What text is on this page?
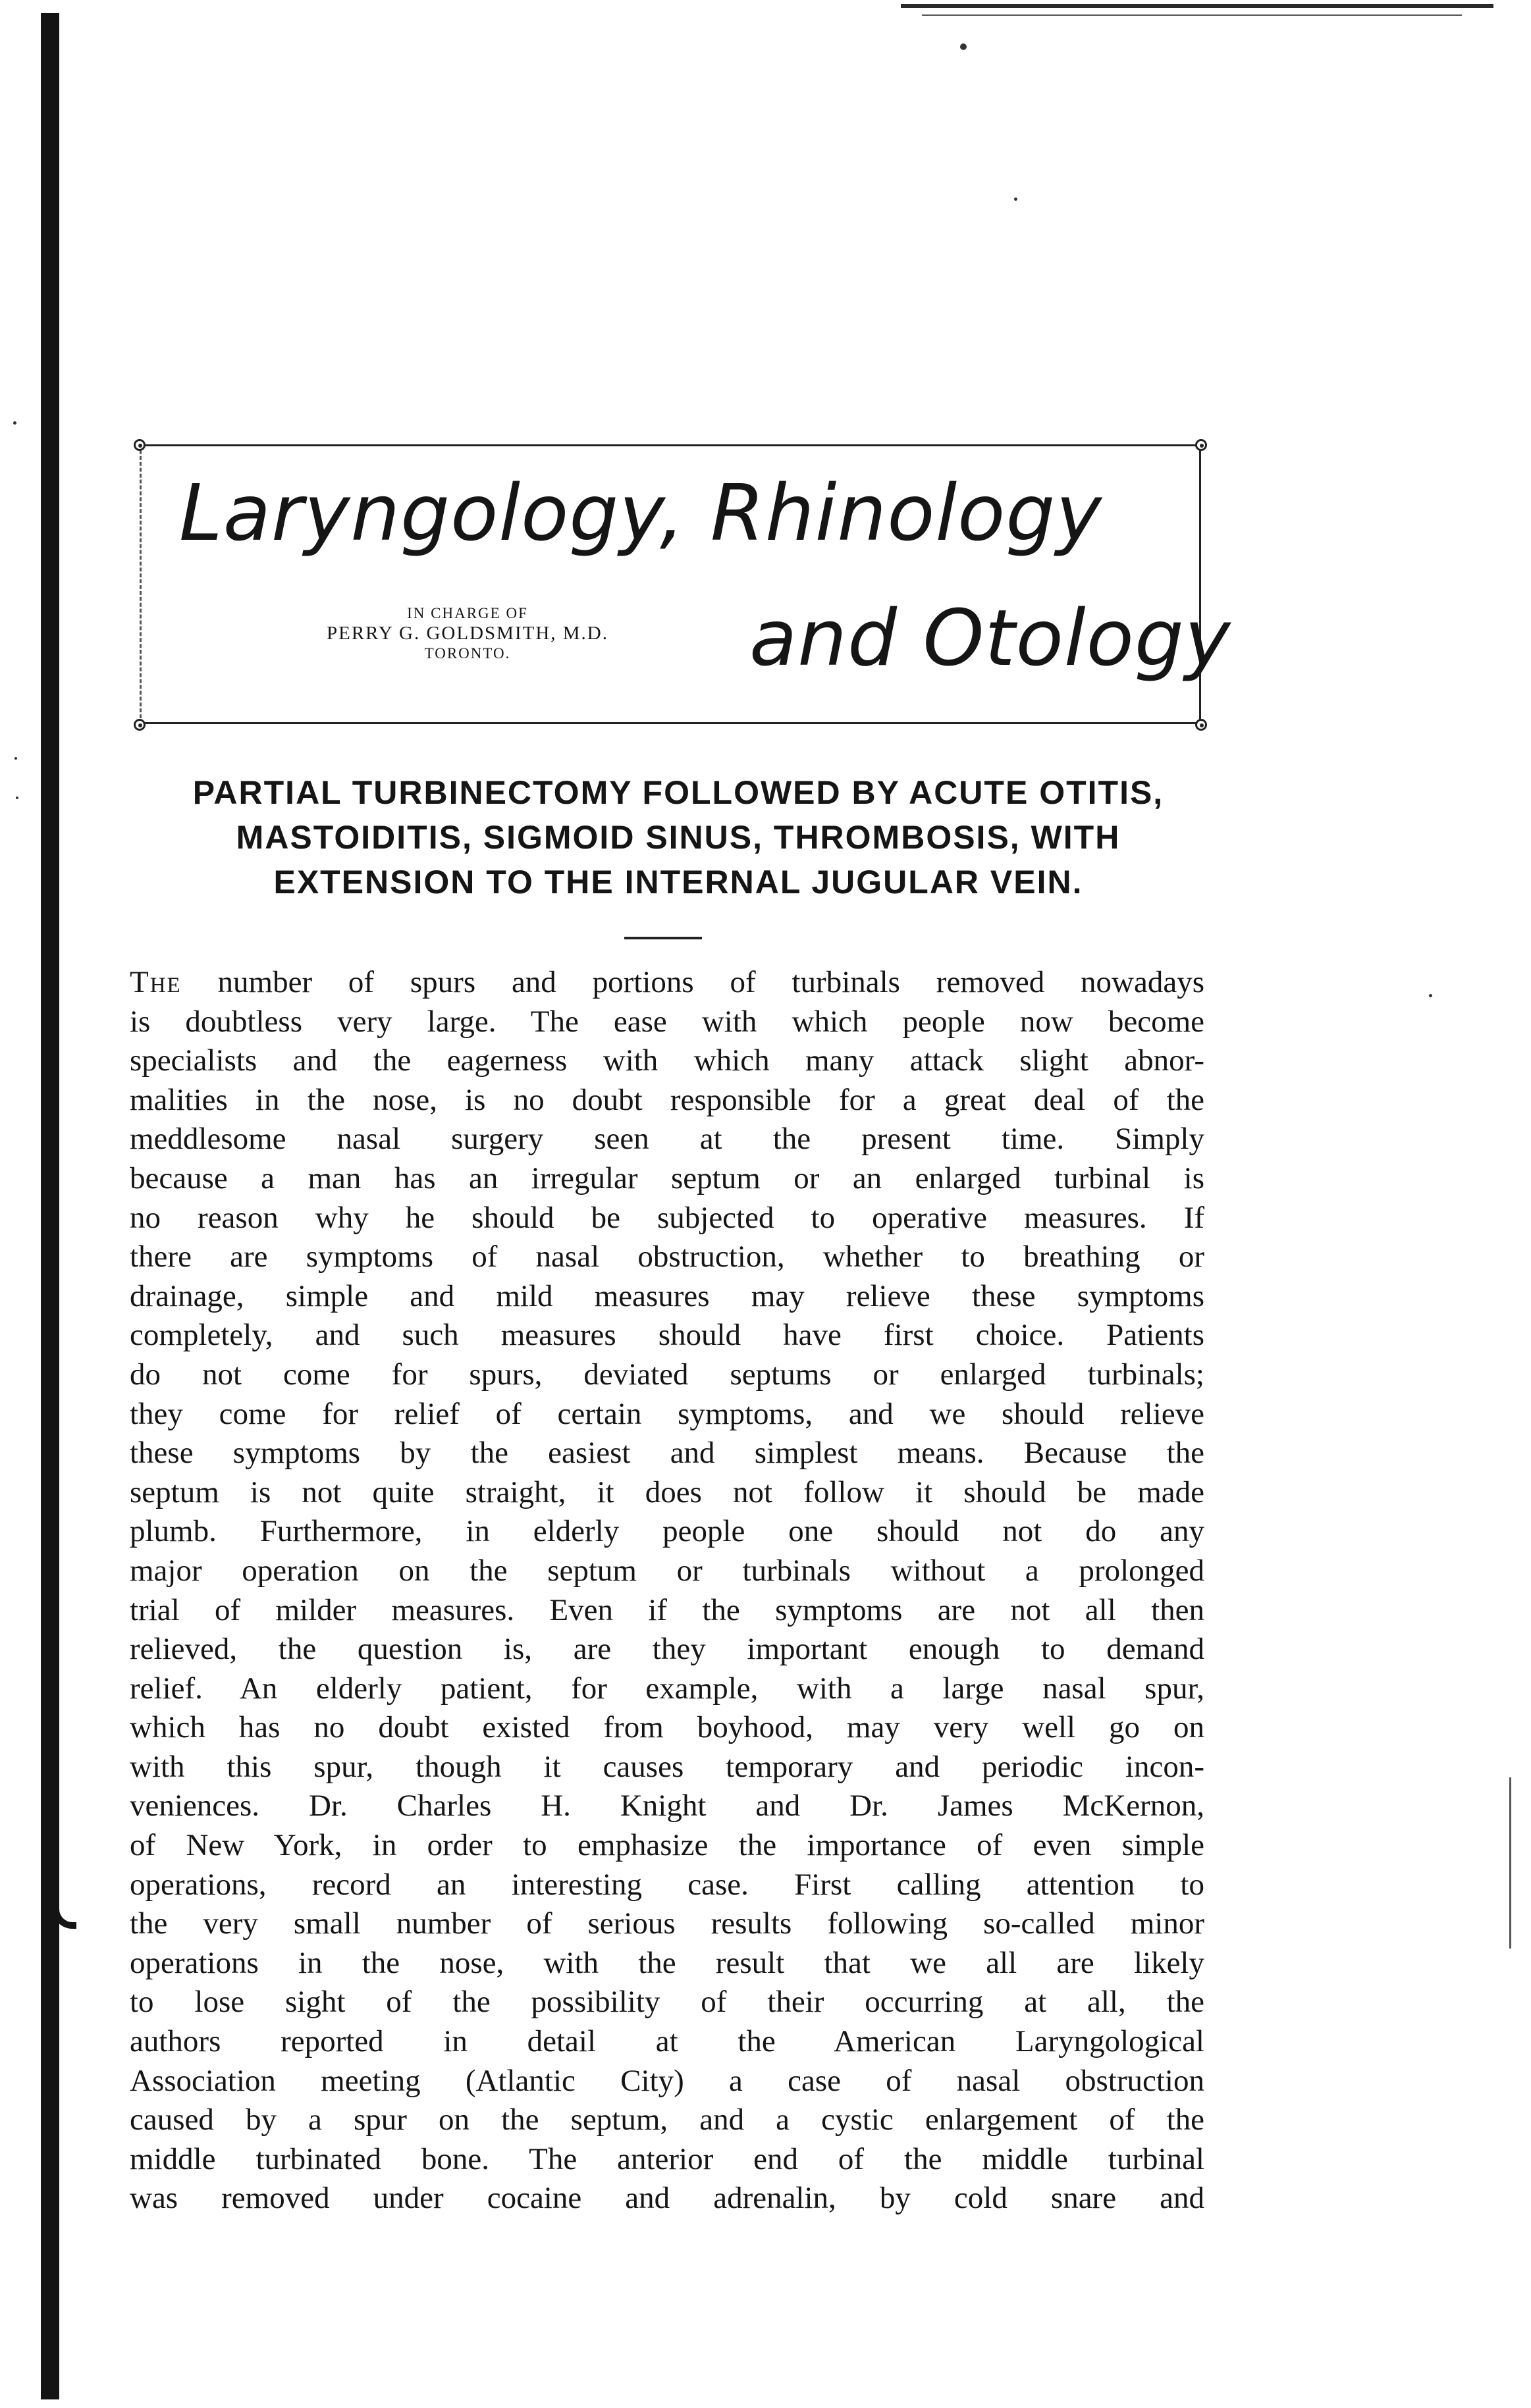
Laryngology, Rhinology
and Otology
IN CHARGE OF
PERRY G. GOLDSMITH, M.D.
TORONTO.
PARTIAL TURBINECTOMY FOLLOWED BY ACUTE OTITIS,
MASTOIDITIS, SIGMOID SINUS, THROMBOSIS, WITH
EXTENSION TO THE INTERNAL JUGULAR VEIN.
The number of spurs and portions of turbinals removed nowadays
is doubtless very large. The ease with which people now become
specialists and the eagerness with which many attack slight abnor-
malities in the nose, is no doubt responsible for a great deal of the
meddlesome nasal surgery seen at the present time. Simply
because a man has an irregular septum or an enlarged turbinal is
no reason why he should be subjected to operative measures. If
there are symptoms of nasal obstruction, whether to breathing or
drainage, simple and mild measures may relieve these symptoms
completely, and such measures should have first choice. Patients
do not come for spurs, deviated septums or enlarged turbinals;
they come for relief of certain symptoms, and we should relieve
these symptoms by the easiest and simplest means. Because the
septum is not quite straight, it does not follow it should be made
plumb. Furthermore, in elderly people one should not do any
major operation on the septum or turbinals without a prolonged
trial of milder measures. Even if the symptoms are not all then
relieved, the question is, are they important enough to demand
relief. An elderly patient, for example, with a large nasal spur,
which has no doubt existed from boyhood, may very well go on
with this spur, though it causes temporary and periodic incon-
veniences. Dr. Charles H. Knight and Dr. James McKernon,
of New York, in order to emphasize the importance of even simple
operations, record an interesting case. First calling attention to
the very small number of serious results following so-called minor
operations in the nose, with the result that we all are likely
to lose sight of the possibility of their occurring at all, the
authors reported in detail at the American Laryngological
Association meeting (Atlantic City) a case of nasal obstruction
caused by a spur on the septum, and a cystic enlargement of the
middle turbinated bone. The anterior end of the middle turbinal
was removed under cocaine and adrenalin, by cold snare and
